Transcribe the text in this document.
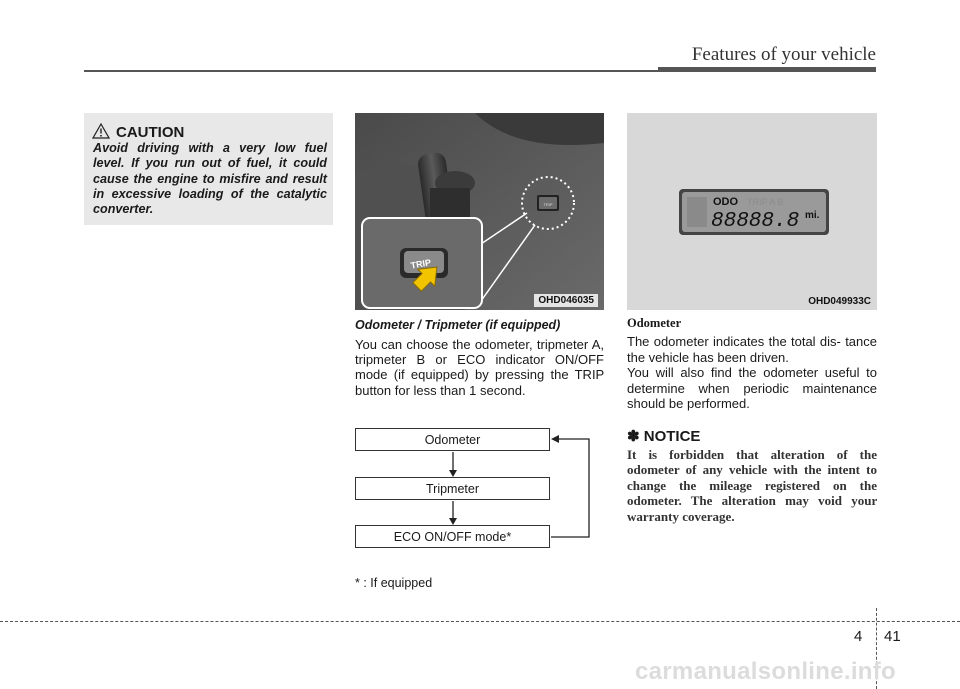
Features of your vehicle
CAUTION
Avoid driving with a very low fuel level. If you run out of fuel, it could cause the engine to misfire and result in excessive loading of the catalytic converter.	TRIP
TRIP
OHD046035
ODO TRIP A B
88888.8 mi.
OHD049933C
Odometer / Tripmeter (if equipped)
You can choose the odometer, tripmeter A, tripmeter B or ECO indicator ON/OFF mode (if equipped) by pressing the TRIP button for less than 1 second.
Odometer
Tripmeter
ECO ON/OFF mode*
* : If equipped
Odometer
The odometer indicates the total dis- tance the vehicle has been driven.
You will also find the odometer useful to determine when periodic maintenance should be performed.
✽ NOTICE
It is forbidden that alteration of the odometer of any vehicle with the intent to change the mileage registered on the odometer. The alteration may void your warranty coverage.
4 41
carmanualsonline.info
